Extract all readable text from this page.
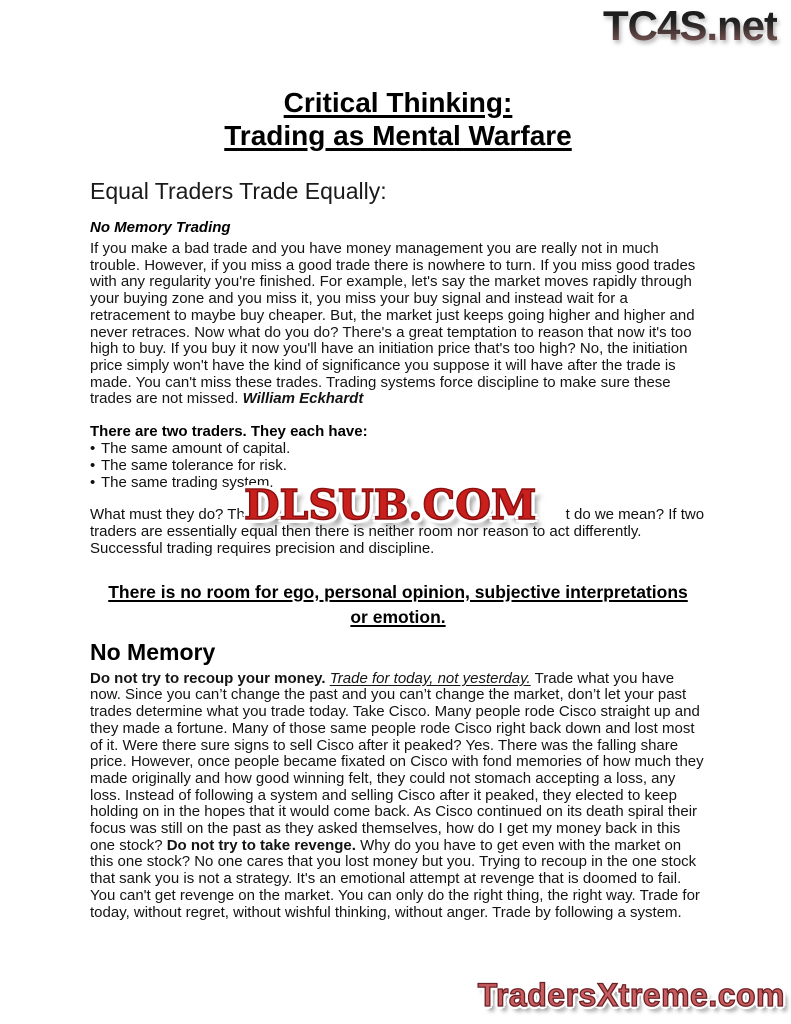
TC4S.net
Critical Thinking:
Trading as Mental Warfare
Equal Traders Trade Equally:
No Memory Trading

If you make a bad trade and you have money management you are really not in much trouble. However, if you miss a good trade there is nowhere to turn. If you miss good trades with any regularity you're finished. For example, let's say the market moves rapidly through your buying zone and you miss it, you miss your buy signal and instead wait for a retracement to maybe buy cheaper. But, the market just keeps going higher and higher and never retraces. Now what do you do? There's a great temptation to reason that now it's too high to buy. If you buy it now you'll have an initiation price that's too high? No, the initiation price simply won't have the kind of significance you suppose it will have after the trade is made. You can't miss these trades. Trading systems force discipline to make sure these trades are not missed. William Eckhardt

There are two traders. They each have:

• The same amount of capital.
• The same tolerance for risk.
• The same trading system.
What must they do? They	t do we mean? If two
traders are essentially equal then there is neither room nor reason to act differently. Successful trading requires precision and discipline.
DLSUB.COM
There is no room for ego, personal opinion, subjective interpretations
or emotion.
No Memory

Do not try to recoup your money. Trade for today, not yesterday. Trade what you have now. Since you can’t change the past and you can’t change the market, don’t let your past trades determine what you trade today. Take Cisco. Many people rode Cisco straight up and they made a fortune. Many of those same people rode Cisco right back down and lost most of it. Were there sure signs to sell Cisco after it peaked? Yes. There was the falling share price. However, once people became fixated on Cisco with fond memories of how much they made originally and how good winning felt, they could not stomach accepting a loss, any loss. Instead of following a system and selling Cisco after it peaked, they elected to keep holding on in the hopes that it would come back. As Cisco continued on its death spiral their focus was still on the past as they asked themselves, how do I get my money back in this one stock? Do not try to take revenge. Why do you have to get even with the market on this one stock? No one cares that you lost money but you. Trying to recoup in the one stock that sank you is not a strategy. It's an emotional attempt at revenge that is doomed to fail. You can't get revenge on the market. You can only do the right thing, the right way. Trade for today, without regret, without wishful thinking, without anger. Trade by following a system.

TradersXtreme.com
